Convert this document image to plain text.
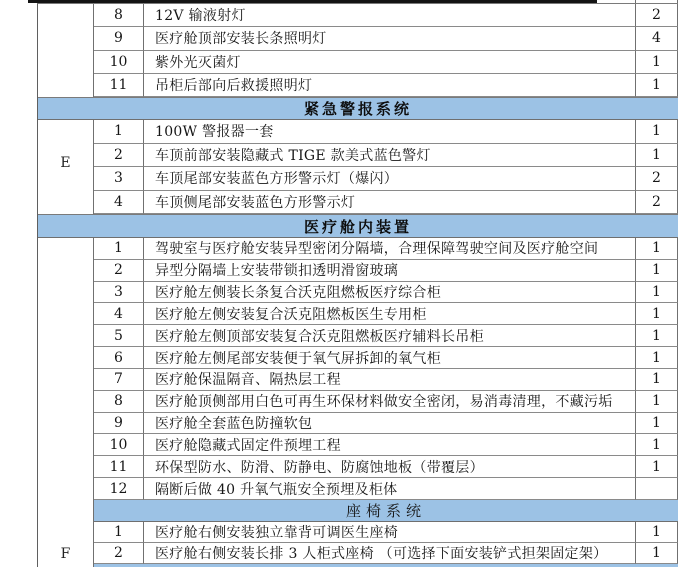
8	12V 输液射灯	2
9	医疗舱顶部安装长条照明灯	4
10	紫外光灭菌灯	1
11	吊柜后部向后救援照明灯	1
紧急警报系统
1	100W 警报器一套	1
2	车顶前部安装隐藏式 TIGE 款美式蓝色警灯	1
3	车顶尾部安装蓝色方形警示灯（爆闪）	2
4	车顶侧尾部安装蓝色方形警示灯	2
医疗舱内装置
1	驾驶室与医疗舱安装异型密闭分隔墙，合理保障驾驶空间及医疗舱空间	1
2	异型分隔墙上安装带锁扣透明滑窗玻璃	1
3	医疗舱左侧装长条复合沃克阻燃板医疗综合柜	1
4	医疗舱左侧安装复合沃克阻燃板医生专用柜	1
5	医疗舱左侧顶部安装复合沃克阻燃板医疗辅料长吊柜	1
6	医疗舱左侧尾部安装便于氧气屏拆卸的氧气柜	1
7	医疗舱保温隔音、隔热层工程	1
8	医疗舱顶侧部用白色可再生环保材料做安全密闭，易消毒清理，不藏污垢	1
9	医疗舱全套蓝色防撞软包	1
10	医疗舱隐藏式固定件预埋工程	1
11	环保型防水、防滑、防静电、防腐蚀地板（带覆层）	1
12	隔断后做 40 升氧气瓶安全预埋及柜体
座椅系统
1	医疗舱右侧安装独立靠背可调医生座椅	1
2	医疗舱右侧安装长排 3 人柜式座椅 （可选择下面安装铲式担架固定架）	1
E
F
